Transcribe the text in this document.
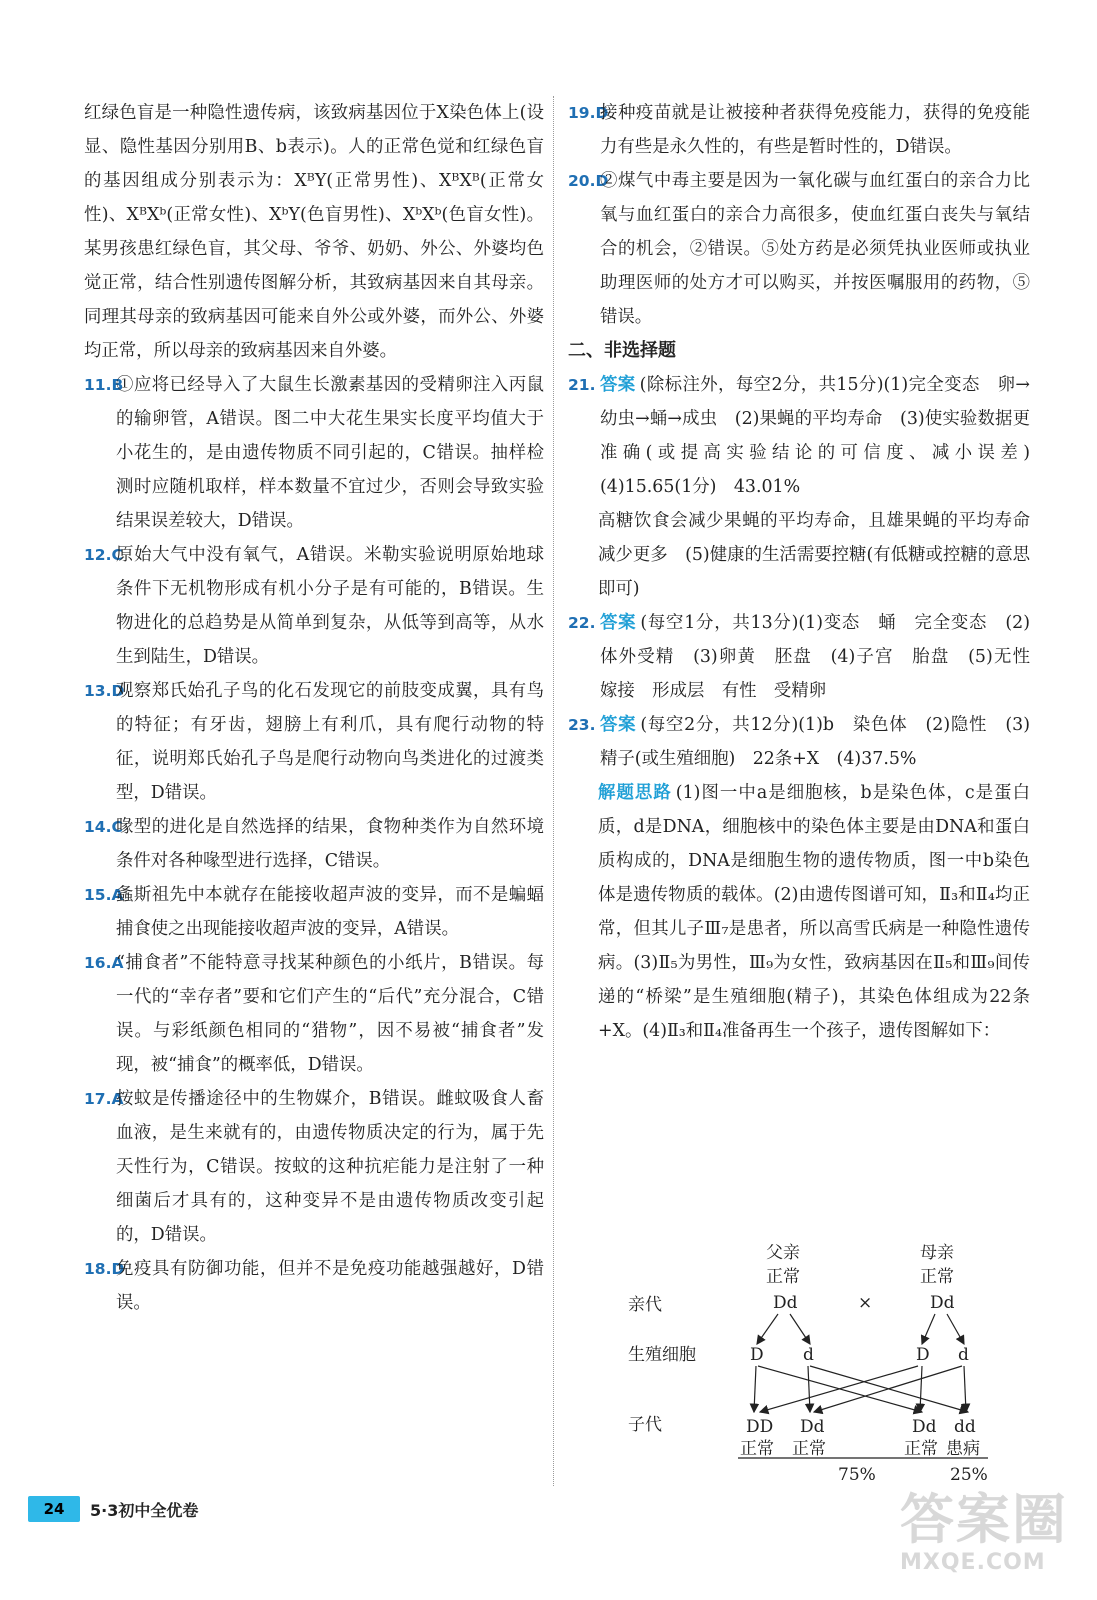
红绿色盲是一种隐性遗传病，该致病基因位于X染色体上(设显、隐性基因分别用B、b表示)。人的正常色觉和红绿色盲的基因组成分别表示为：XᴮY(正常男性)、XᴮXᴮ(正常女性)、XᴮXᵇ(正常女性)、XᵇY(色盲男性)、XᵇXᵇ(色盲女性)。某男孩患红绿色盲，其父母、爷爷、奶奶、外公、外婆均色觉正常，结合性别遗传图解分析，其致病基因来自其母亲。同理其母亲的致病基因可能来自外公或外婆，而外公、外婆均正常，所以母亲的致病基因来自外婆。

11.B
①应将已经导入了大鼠生长激素基因的受精卵注入丙鼠的输卵管，A错误。图二中大花生果实长度平均值大于小花生的，是由遗传物质不同引起的，C错误。抽样检测时应随机取样，样本数量不宜过少，否则会导致实验结果误差较大，D错误。
12.C
原始大气中没有氧气，A错误。米勒实验说明原始地球条件下无机物形成有机小分子是有可能的，B错误。生物进化的总趋势是从简单到复杂，从低等到高等，从水生到陆生，D错误。
13.D
观察郑氏始孔子鸟的化石发现它的前肢变成翼，具有鸟的特征；有牙齿，翅膀上有利爪，具有爬行动物的特征，说明郑氏始孔子鸟是爬行动物向鸟类进化的过渡类型，D错误。
14.C
喙型的进化是自然选择的结果，食物种类作为自然环境条件对各种喙型进行选择，C错误。
15.A
螽斯祖先中本就存在能接收超声波的变异，而不是蝙蝠捕食使之出现能接收超声波的变异，A错误。
16.A
“捕食者”不能特意寻找某种颜色的小纸片，B错误。每一代的“幸存者”要和它们产生的“后代”充分混合，C错误。与彩纸颜色相同的“猎物”，因不易被“捕食者”发现，被“捕食”的概率低，D错误。
17.A
按蚊是传播途径中的生物媒介，B错误。雌蚊吸食人畜血液，是生来就有的，由遗传物质决定的行为，属于先天性行为，C错误。按蚊的这种抗疟能力是注射了一种细菌后才具有的，这种变异不是由遗传物质改变引起的，D错误。
18.D
免疫具有防御功能，但并不是免疫功能越强越好，D错误。
19.D
接种疫苗就是让被接种者获得免疫能力，获得的免疫能力有些是永久性的，有些是暂时性的，D错误。
20.D
②煤气中毒主要是因为一氧化碳与血红蛋白的亲合力比氧与血红蛋白的亲合力高很多，使血红蛋白丧失与氧结合的机会，②错误。⑤处方药是必须凭执业医师或执业助理医师的处方才可以购买，并按医嘱服用的药物，⑤错误。
二、非选择题
21. 答案 (除标注外，每空2分，共15分)(1)完全变态　卵→幼虫→蛹→成虫　(2)果蝇的平均寿命　(3)使实验数据更准确(或提高实验结论的可信度、减小误差)　(4)15.65(1分)　43.01%
高糖饮食会减少果蝇的平均寿命，且雄果蝇的平均寿命减少更多　(5)健康的生活需要控糖(有低糖或控糖的意思即可)
22. 答案 (每空1分，共13分)(1)变态　蛹　完全变态　(2)体外受精　(3)卵黄　胚盘　(4)子宫　胎盘　(5)无性　嫁接　形成层　有性　受精卵
23. 答案 (每空2分，共12分)(1)b　染色体　(2)隐性　(3)精子(或生殖细胞)　22条+X　(4)37.5%
解题思路 (1)图一中a是细胞核，b是染色体，c是蛋白质，d是DNA，细胞核中的染色体主要是由DNA和蛋白质构成的，DNA是细胞生物的遗传物质，图一中b染色体是遗传物质的载体。(2)由遗传图谱可知，Ⅱ₃和Ⅱ₄均正常，但其儿子Ⅲ₇是患者，所以高雪氏病是一种隐性遗传病。(3)Ⅱ₅为男性，Ⅲ₉为女性，致病基因在Ⅱ₅和Ⅲ₉间传递的“桥梁”是生殖细胞(精子)，其染色体组成为22条+X。(4)Ⅱ₃和Ⅱ₄准备再生一个孩子，遗传图解如下：
父亲
正常
母亲
正常
亲代	Dd	×	Dd
生殖细胞	D d	D d
子代	DD Dd	Dd dd
正常 正常	正常 患病
75%	25%
24	5·3初中全优卷	答案圈
MXQE.COM
